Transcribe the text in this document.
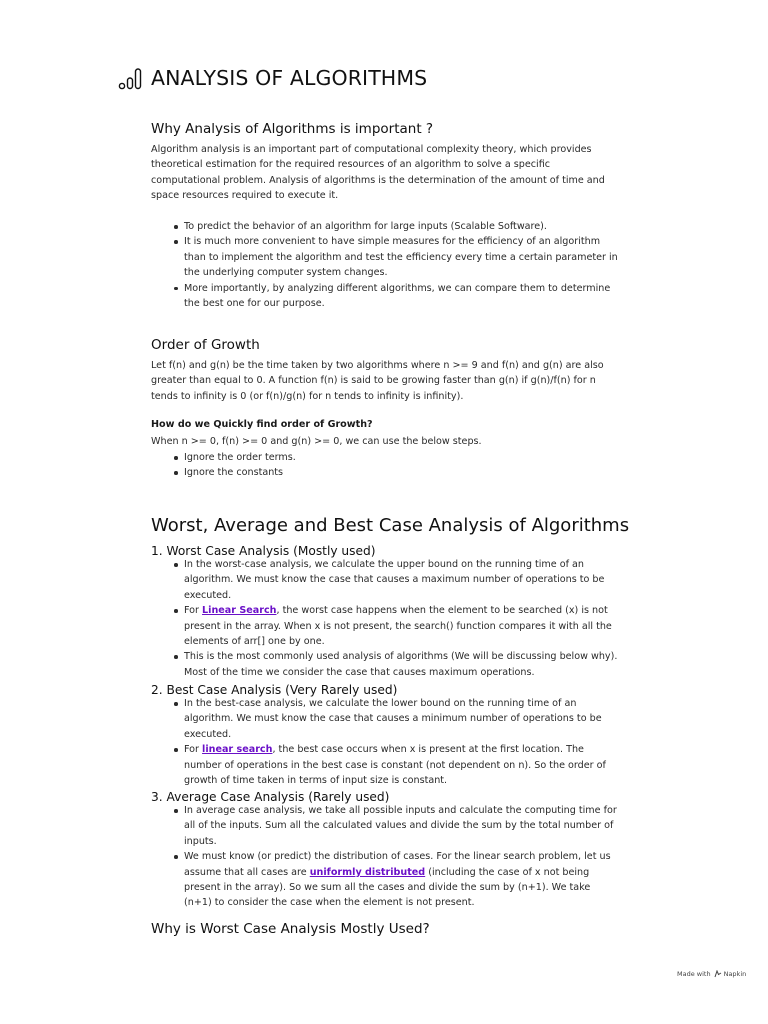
ANALYSIS OF ALGORITHMS
Why Analysis of Algorithms is important ?

Algorithm analysis is an important part of computational complexity theory, which provides theoretical estimation for the required resources of an algorithm to solve a specific computational problem. Analysis of algorithms is the determination of the amount of time and space resources required to execute it.

To predict the behavior of an algorithm for large inputs (Scalable Software).
It is much more convenient to have simple measures for the efficiency of an algorithm than to implement the algorithm and test the efficiency every time a certain parameter in the underlying computer system changes.
More importantly, by analyzing different algorithms, we can compare them to determine the best one for our purpose.
Order of Growth

Let f(n) and g(n) be the time taken by two algorithms where n >= 9 and f(n) and g(n) are also greater than equal to 0. A function f(n) is said to be growing faster than g(n) if g(n)/f(n) for n tends to infinity is 0 (or f(n)/g(n) for n tends to infinity is infinity).

How do we Quickly find order of Growth?

When n >= 0, f(n) >= 0 and g(n) >= 0, we can use the below steps.

Ignore the order terms.
Ignore the constants
Worst, Average and Best Case Analysis of Algorithms
1. Worst Case Analysis (Mostly used)
In the worst-case analysis, we calculate the upper bound on the running time of an algorithm. We must know the case that causes a maximum number of operations to be executed.
For Linear Search, the worst case happens when the element to be searched (x) is not present in the array. When x is not present, the search() function compares it with all the elements of arr[] one by one.
This is the most commonly used analysis of algorithms (We will be discussing below why). Most of the time we consider the case that causes maximum operations.
2. Best Case Analysis (Very Rarely used)
In the best-case analysis, we calculate the lower bound on the running time of an algorithm. We must know the case that causes a minimum number of operations to be executed.
For linear search, the best case occurs when x is present at the first location. The number of operations in the best case is constant (not dependent on n). So the order of growth of time taken in terms of input size is constant.
3. Average Case Analysis (Rarely used)
In average case analysis, we take all possible inputs and calculate the computing time for all of the inputs. Sum all the calculated values and divide the sum by the total number of inputs.
We must know (or predict) the distribution of cases. For the linear search problem, let us assume that all cases are uniformly distributed (including the case of x not being present in the array). So we sum all the cases and divide the sum by (n+1). We take (n+1) to consider the case when the element is not present.
Why is Worst Case Analysis Mostly Used?
Made with Napkin
